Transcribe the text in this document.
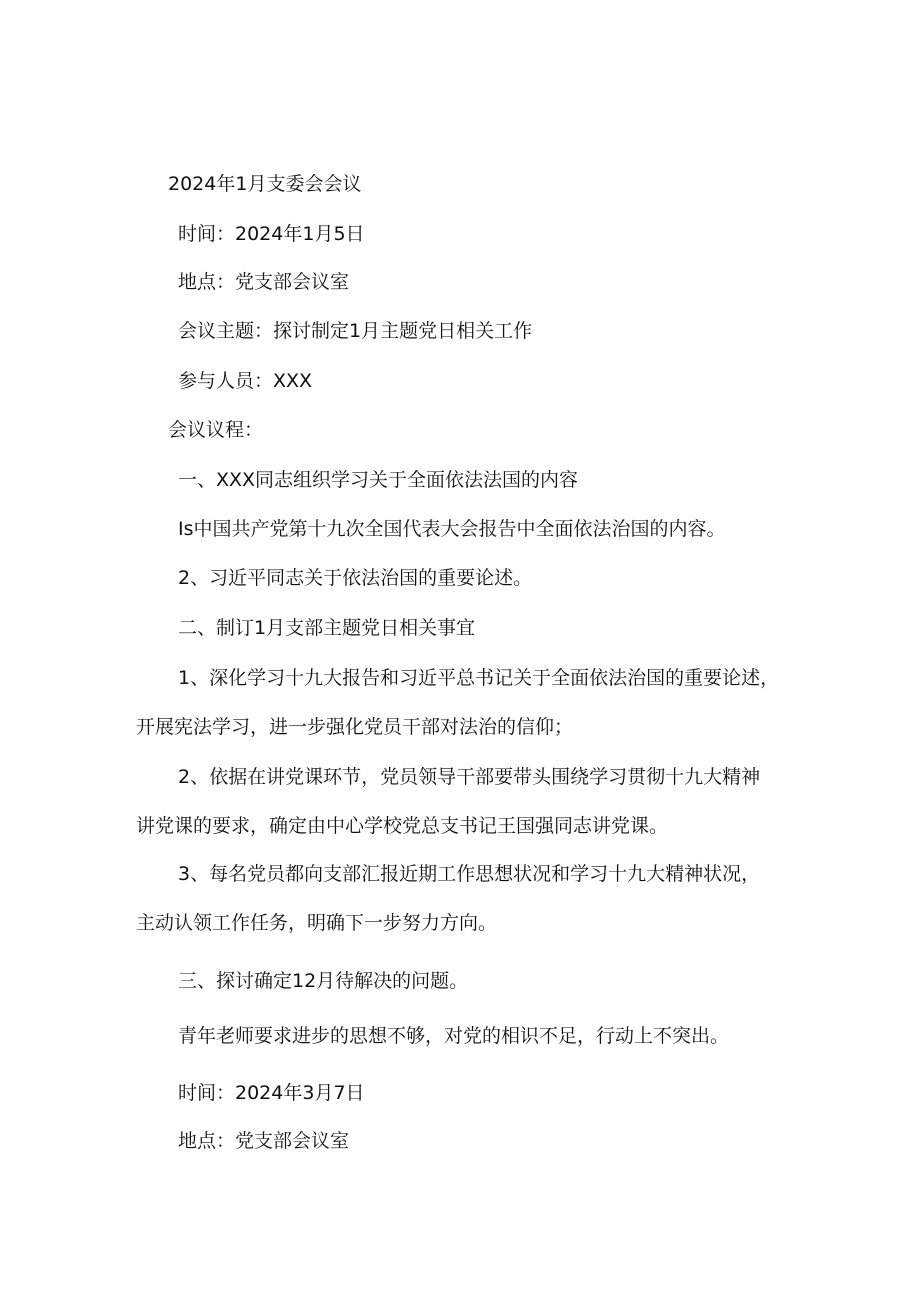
2024年1月支委会会议
时间：2024年1月5日
地点：党支部会议室
会议主题：探讨制定1月主题党日相关工作
参与人员：XXX
会议议程：
一、XXX同志组织学习关于全面依法法国的内容
Is中国共产党第十九次全国代表大会报告中全面依法治国的内容。
2、习近平同志关于依法治国的重要论述。
二、制订1月支部主题党日相关事宜
1、深化学习十九大报告和习近平总书记关于全面依法治国的重要论述，
开展宪法学习，进一步强化党员干部对法治的信仰；
2、依据在讲党课环节，党员领导干部要带头围绕学习贯彻十九大精神
讲党课的要求，确定由中心学校党总支书记王国强同志讲党课。
3、每名党员都向支部汇报近期工作思想状况和学习十九大精神状况，
主动认领工作任务，明确下一步努力方向。
三、探讨确定12月待解决的问题。
青年老师要求进步的思想不够，对党的相识不足，行动上不突出。
时间：2024年3月7日
地点：党支部会议室
